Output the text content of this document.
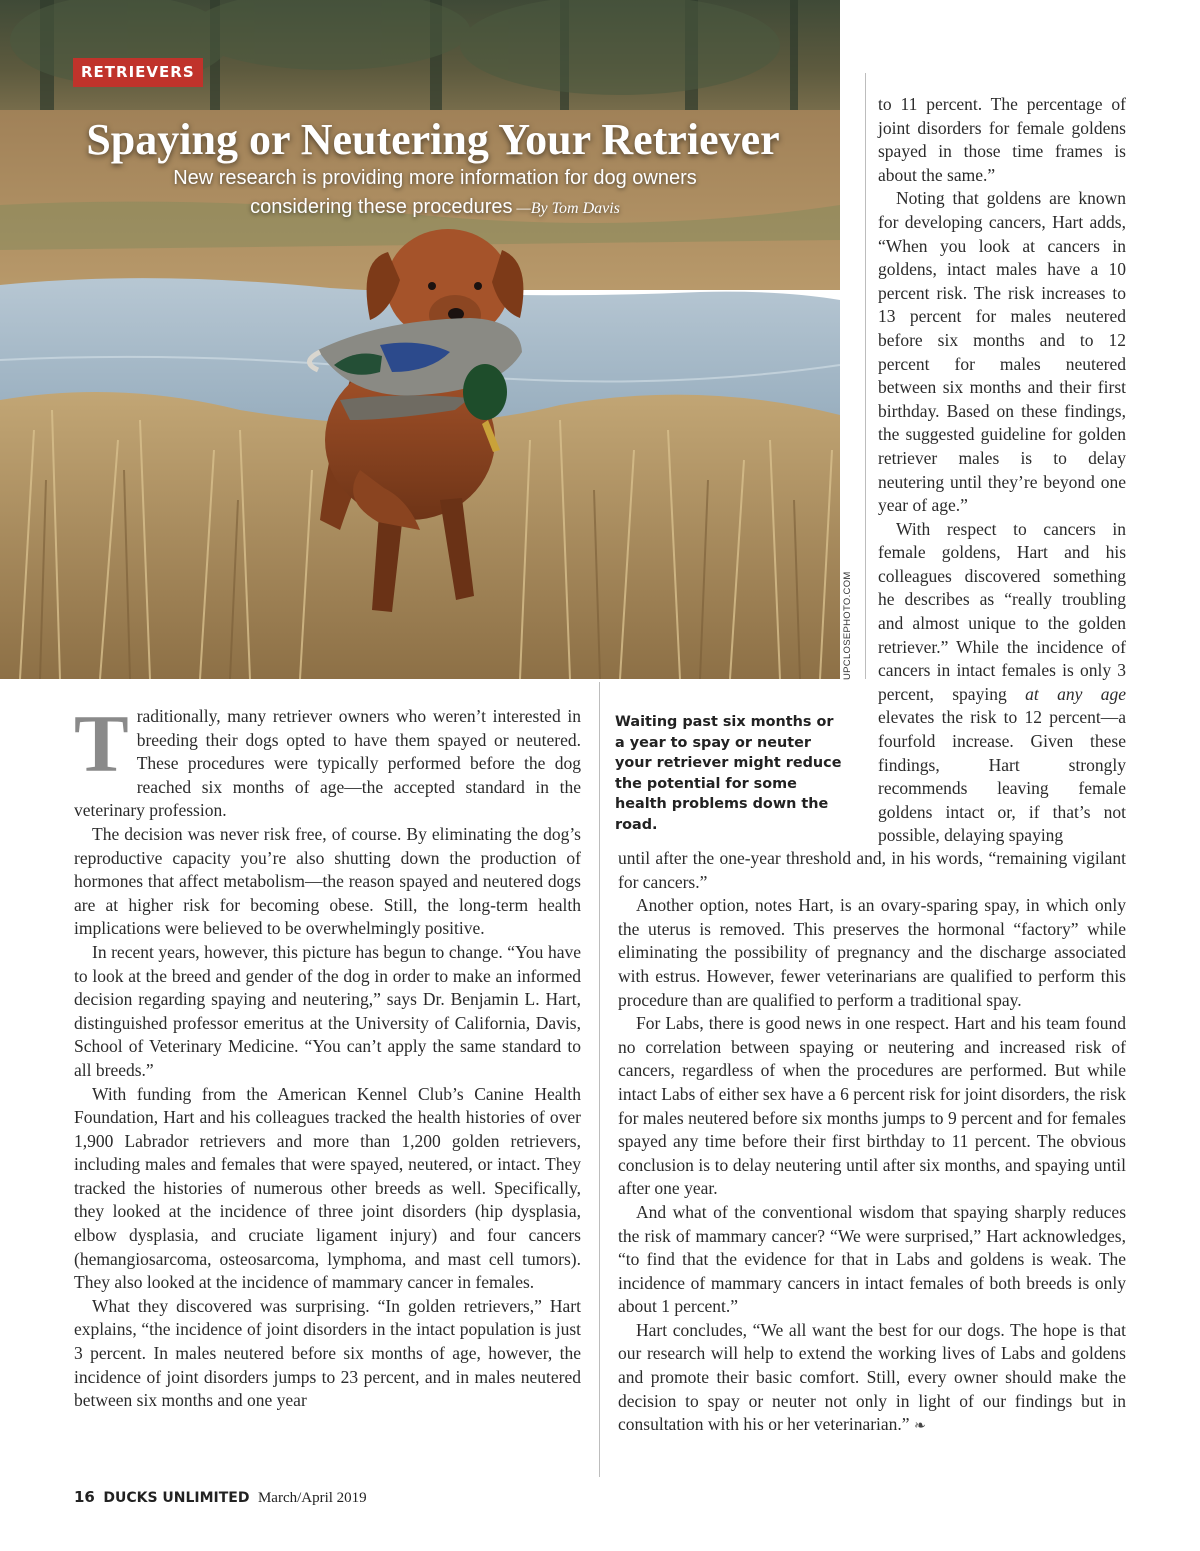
RETRIEVERS
Spaying or Neutering Your Retriever
New research is providing more information for dog owners
considering these procedures —By Tom Davis
UPCLOSEPHOTO.COM

to 11 percent. The percentage of joint disorders for female goldens spayed in those time frames is about the same.”

Noting that goldens are known for developing cancers, Hart adds, “When you look at cancers in goldens, intact males have a 10 percent risk. The risk increases to 13 percent for males neutered before six months and to 12 percent for males neutered between six months and their first birthday. Based on these findings, the suggested guideline for golden retriever males is to delay neutering until they’re beyond one year of age.”

With respect to cancers in female goldens, Hart and his colleagues discovered something he describes as “really troubling and almost unique to the golden retriever.” While the incidence of cancers in intact females is only 3 percent, spaying at any age elevates the risk to 12 percent—a fourfold increase. Given these findings, Hart strongly recommends leaving female goldens intact or, if that’s not possible, delaying spaying

Waiting past six months or a year to spay or neuter your retriever might reduce the potential for some health problems down the road.

Traditionally, many retriever owners who weren’t interested in breeding their dogs opted to have them spayed or neutered. These procedures were typically performed before the dog reached six months of age—the accepted standard in the veterinary profession.

The decision was never risk free, of course. By eliminating the dog’s reproductive capacity you’re also shutting down the production of hormones that affect metabolism—the reason spayed and neutered dogs are at higher risk for becoming obese. Still, the long-term health implications were believed to be overwhelmingly positive.

In recent years, however, this picture has begun to change. “You have to look at the breed and gender of the dog in order to make an informed decision regarding spaying and neutering,” says Dr. Benjamin L. Hart, distinguished professor emeritus at the University of California, Davis, School of Veterinary Medicine. “You can’t apply the same standard to all breeds.”

With funding from the American Kennel Club’s Canine Health Foundation, Hart and his colleagues tracked the health histories of over 1,900 Labrador retrievers and more than 1,200 golden retrievers, including males and females that were spayed, neutered, or intact. They tracked the histories of numerous other breeds as well. Specifically, they looked at the incidence of three joint disorders (hip dysplasia, elbow dysplasia, and cruciate ligament injury) and four cancers (hemangiosarcoma, osteosarcoma, lymphoma, and mast cell tumors). They also looked at the incidence of mammary cancer in females.

What they discovered was surprising. “In golden retrievers,” Hart explains, “the incidence of joint disorders in the intact population is just 3 percent. In males neutered before six months of age, however, the incidence of joint disorders jumps to 23 percent, and in males neutered between six months and one year

until after the one-year threshold and, in his words, “remaining vigilant for cancers.”

Another option, notes Hart, is an ovary-sparing spay, in which only the uterus is removed. This preserves the hormonal “factory” while eliminating the possibility of pregnancy and the discharge associated with estrus. However, fewer veterinarians are qualified to perform this procedure than are qualified to perform a traditional spay.

For Labs, there is good news in one respect. Hart and his team found no correlation between spaying or neutering and increased risk of cancers, regardless of when the procedures are performed. But while intact Labs of either sex have a 6 percent risk for joint disorders, the risk for males neutered before six months jumps to 9 percent and for females spayed any time before their first birthday to 11 percent. The obvious conclusion is to delay neutering until after six months, and spaying until after one year.

And what of the conventional wisdom that spaying sharply reduces the risk of mammary cancer? “We were surprised,” Hart acknowledges, “to find that the evidence for that in Labs and goldens is weak. The incidence of mammary cancers in intact females of both breeds is only about 1 percent.”

Hart concludes, “We all want the best for our dogs. The hope is that our research will help to extend the working lives of Labs and goldens and promote their basic comfort. Still, every owner should make the decision to spay or neuter not only in light of our findings but in consultation with his or her veterinarian.” ❧

16 DUCKS UNLIMITED March/April 2019
